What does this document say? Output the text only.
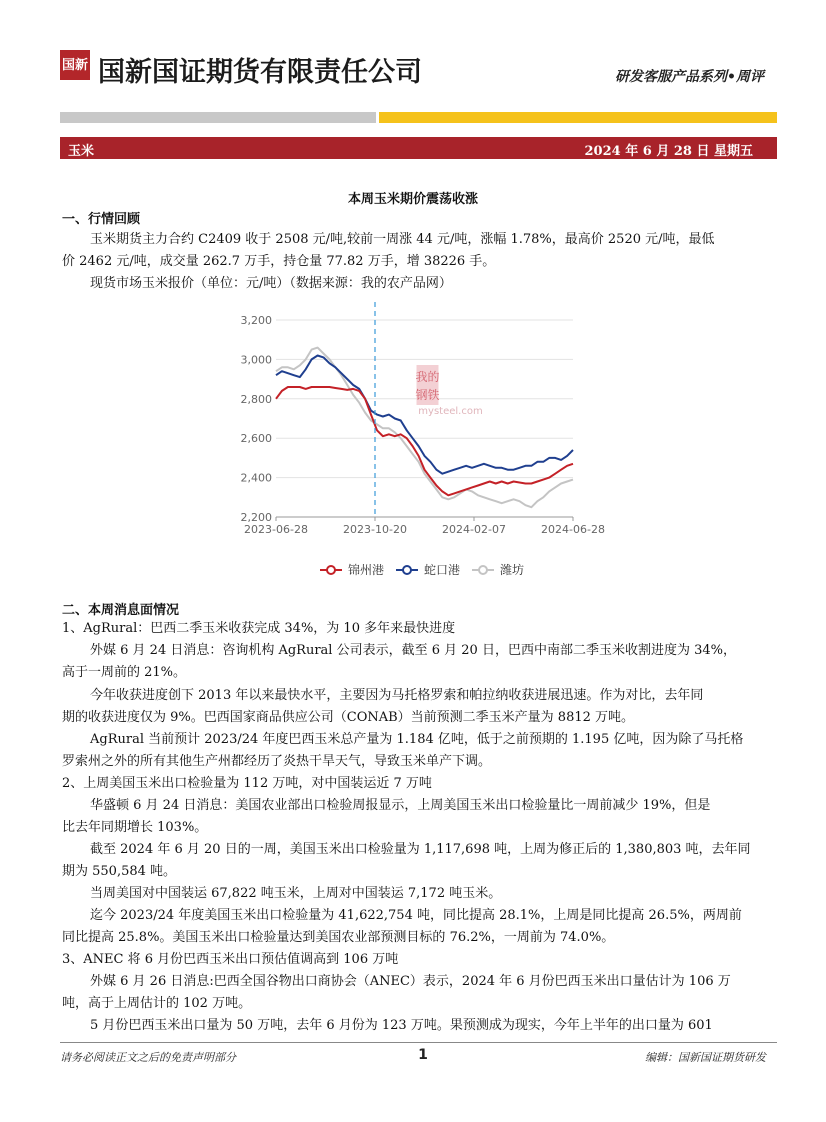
国新 国新国证期货有限责任公司	研发客服产品系列•周评
玉米	2024 年 6 月 28 日 星期五
本周玉米期价震荡收涨
一、行情回顾
玉米期货主力合约 C2409 收于 2508 元/吨,较前一周涨 44 元/吨，涨幅 1.78%，最高价 2520 元/吨，最低
价 2462 元/吨，成交量 262.7 万手，持仓量 77.82 万手，增 38226 手。
现货市场玉米报价（单位：元/吨）（数据来源：我的农产品网）
我的
钢铁
mysteel.com
2,200
2,400
2,600
2,800
3,000
3,200
2023-06-28	2023-10-20	2024-02-07	2024-06-28
锦州港	蛇口港	潍坊
二、本周消息面情况
1、AgRural：巴西二季玉米收获完成 34%，为 10 多年来最快进度
外媒 6 月 24 日消息：咨询机构 AgRural 公司表示，截至 6 月 20 日，巴西中南部二季玉米收割进度为 34%，
高于一周前的 21%。
今年收获进度创下 2013 年以来最快水平，主要因为马托格罗索和帕拉纳收获进展迅速。作为对比，去年同
期的收获进度仅为 9%。巴西国家商品供应公司（CONAB）当前预测二季玉米产量为 8812 万吨。
AgRural 当前预计 2023/24 年度巴西玉米总产量为 1.184 亿吨，低于之前预期的 1.195 亿吨，因为除了马托格
罗索州之外的所有其他生产州都经历了炎热干旱天气，导致玉米单产下调。
2、上周美国玉米出口检验量为 112 万吨，对中国装运近 7 万吨
华盛顿 6 月 24 日消息：美国农业部出口检验周报显示，上周美国玉米出口检验量比一周前减少 19%，但是
比去年同期增长 103%。
截至 2024 年 6 月 20 日的一周，美国玉米出口检验量为 1,117,698 吨，上周为修正后的 1,380,803 吨，去年同
期为 550,584 吨。
当周美国对中国装运 67,822 吨玉米，上周对中国装运 7,172 吨玉米。
迄今 2023/24 年度美国玉米出口检验量为 41,622,754 吨，同比提高 28.1%，上周是同比提高 26.5%，两周前
同比提高 25.8%。美国玉米出口检验量达到美国农业部预测目标的 76.2%，一周前为 74.0%。
3、ANEC 将 6 月份巴西玉米出口预估值调高到 106 万吨
外媒 6 月 26 日消息:巴西全国谷物出口商协会（ANEC）表示，2024 年 6 月份巴西玉米出口量估计为 106 万
吨，高于上周估计的 102 万吨。
5 月份巴西玉米出口量为 50 万吨，去年 6 月份为 123 万吨。果预测成为现实，今年上半年的出口量为 601
请务必阅读正文之后的免责声明部分	1	编辑：国新国证期货研发
